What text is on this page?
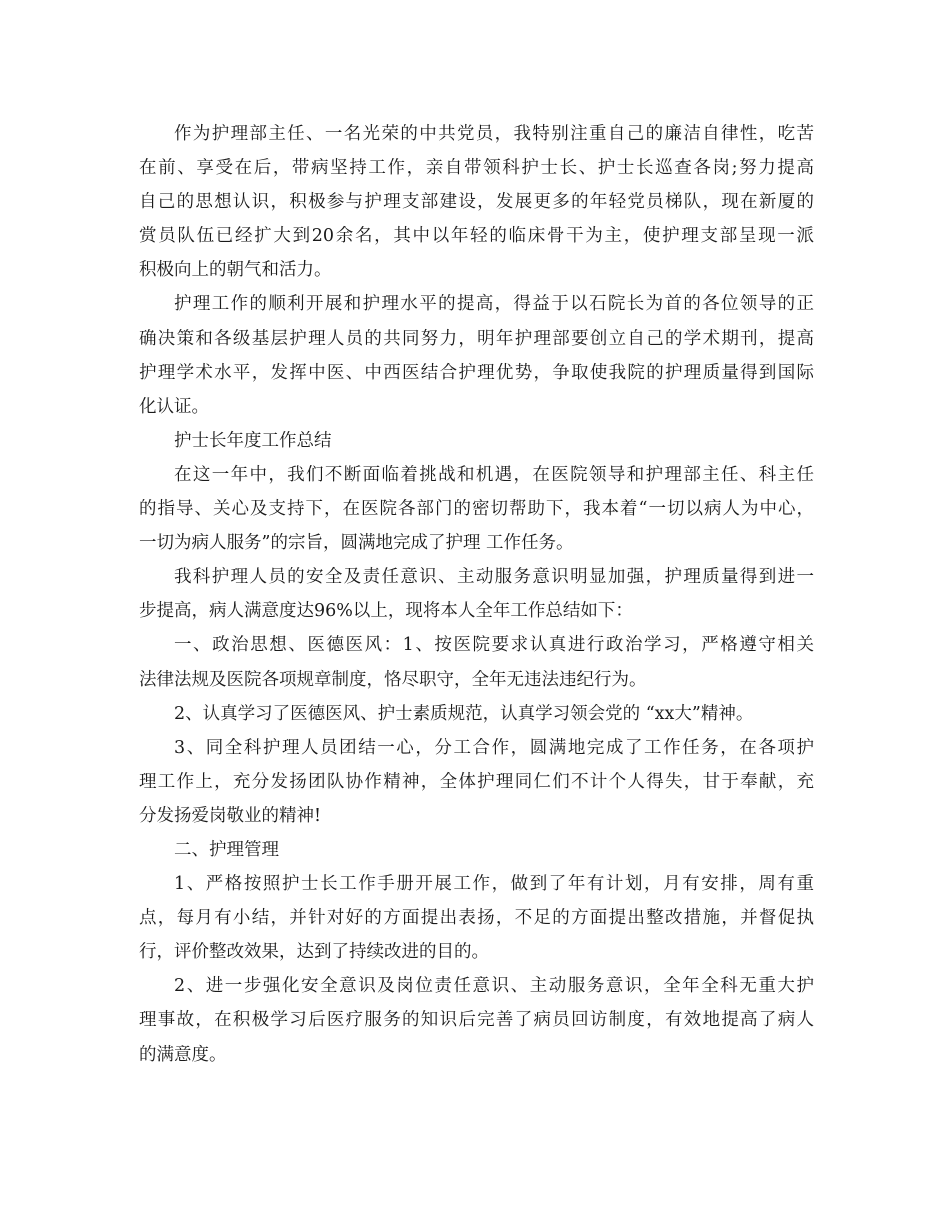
作为护理部主任、一名光荣的中共党员，我特别注重自己的廉洁自律性，吃苦
在前、享受在后，带病坚持工作，亲自带领科护士长、护士长巡查各岗;努力提高
自己的思想认识，积极参与护理支部建设，发展更多的年轻党员梯队，现在新厦的
赏员队伍已经扩大到20余名，其中以年轻的临床骨干为主，使护理支部呈现一派
积极向上的朝气和活力。
护理工作的顺利开展和护理水平的提高，得益于以石院长为首的各位领导的正
确决策和各级基层护理人员的共同努力，明年护理部要创立自己的学术期刊，提高
护理学术水平，发挥中医、中西医结合护理优势，争取使我院的护理质量得到国际
化认证。
护士长年度工作总结
在这一年中，我们不断面临着挑战和机遇，在医院领导和护理部主任、科主任
的指导、关心及支持下，在医院各部门的密切帮助下，我本着“一切以病人为中心，
一切为病人服务”的宗旨，圆满地完成了护理 工作任务。
我科护理人员的安全及责任意识、主动服务意识明显加强，护理质量得到进一
步提高，病人满意度达96%以上，现将本人全年工作总结如下：
一、政治思想、医德医风：1、按医院要求认真进行政治学习，严格遵守相关
法律法规及医院各项规章制度，恪尽职守，全年无违法违纪行为。
2、认真学习了医德医风、护士素质规范，认真学习领会党的 “xx大”精神。
3、同全科护理人员团结一心，分工合作，圆满地完成了工作任务，在各项护
理工作上，充分发扬团队协作精神，全体护理同仁们不计个人得失，甘于奉献，充
分发扬爱岗敬业的精神!
二、护理管理
1、严格按照护士长工作手册开展工作，做到了年有计划，月有安排，周有重
点，每月有小结，并针对好的方面提出表扬，不足的方面提出整改措施，并督促执
行，评价整改效果，达到了持续改进的目的。
2、进一步强化安全意识及岗位责任意识、主动服务意识，全年全科无重大护
理事故，在积极学习后医疗服务的知识后完善了病员回访制度，有效地提高了病人
的满意度。
